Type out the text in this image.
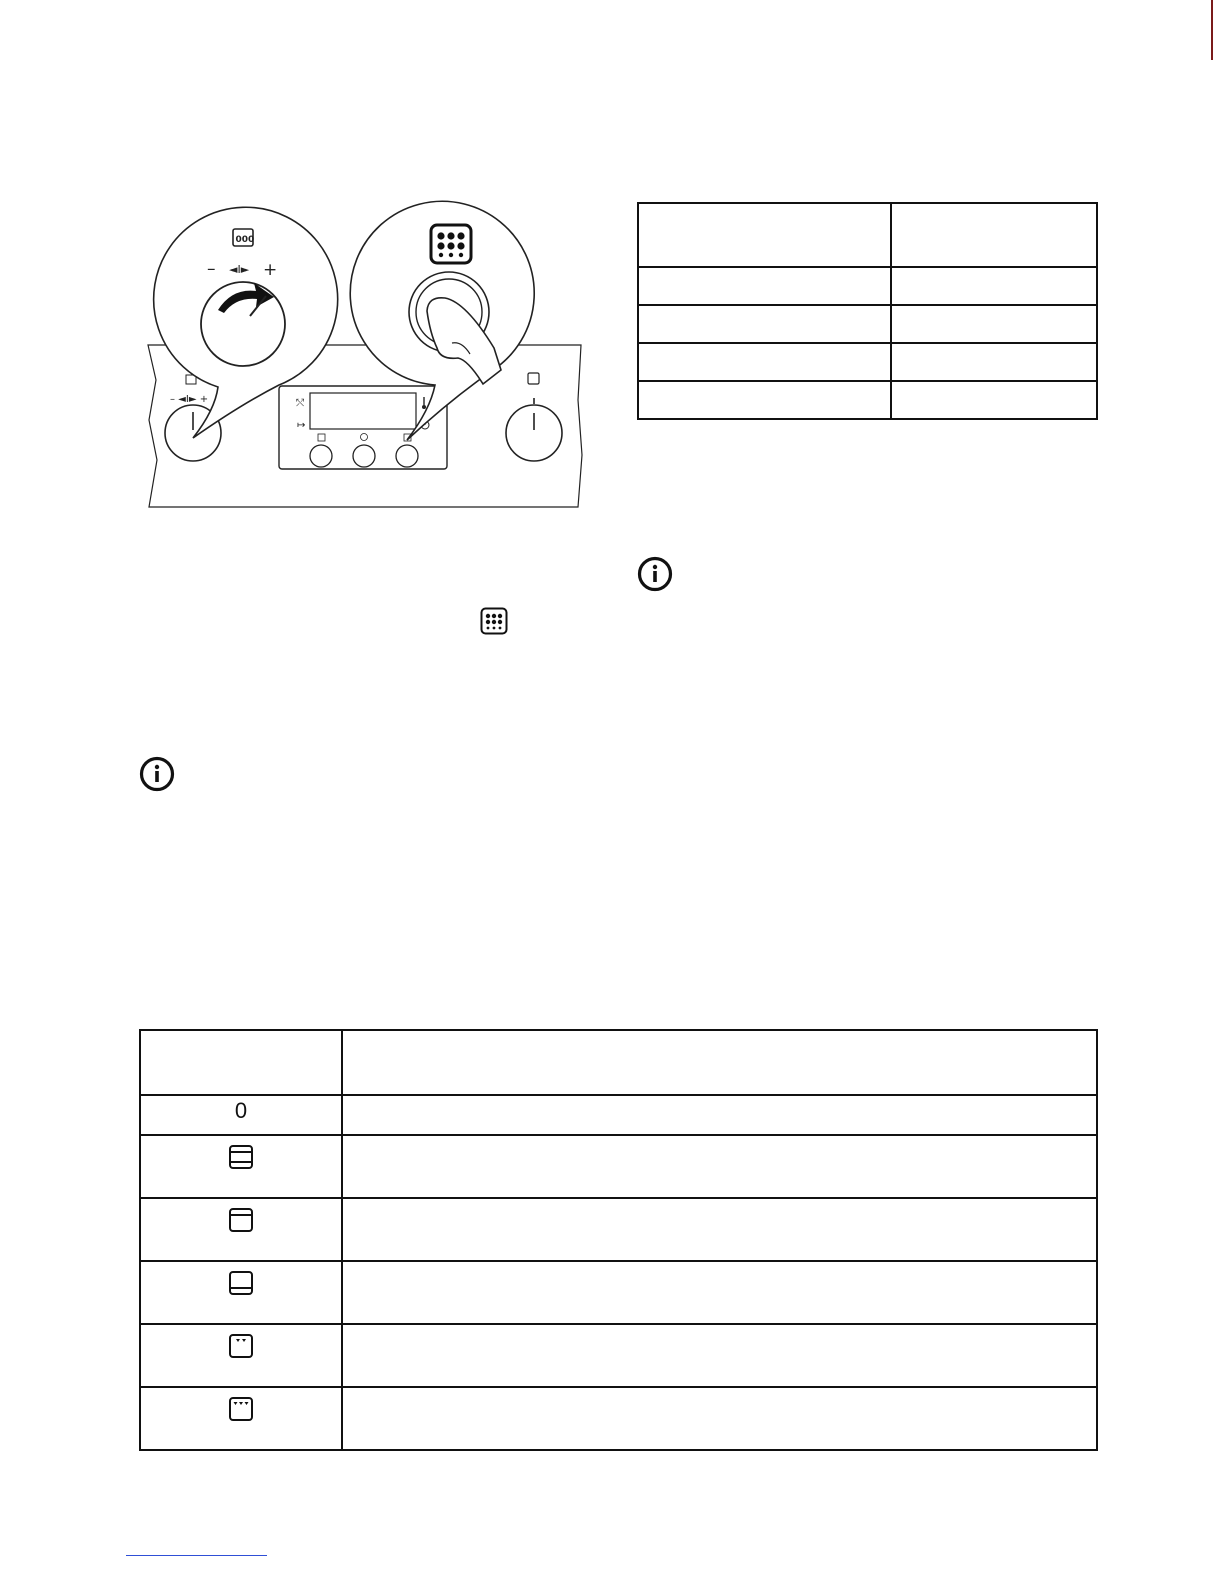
⤲
↦
– ◄I► +
000
– ◄I► +

0	
